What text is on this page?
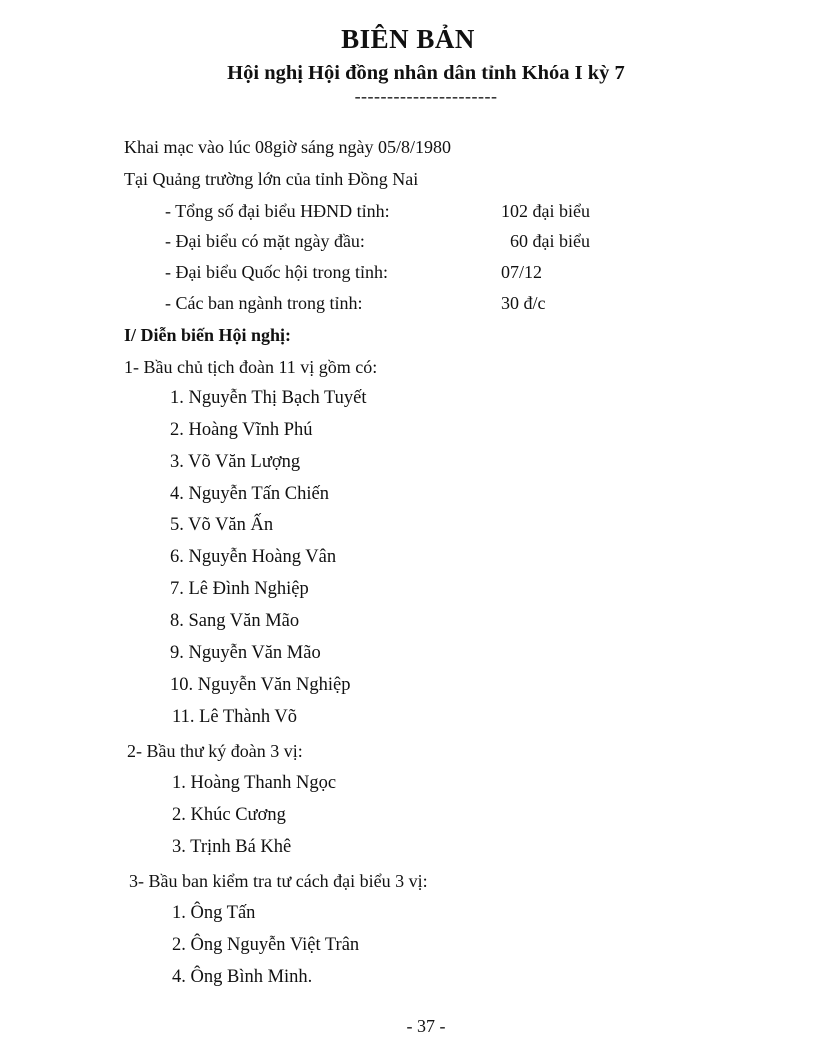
BIÊN BẢN
Hội nghị Hội đồng nhân dân tỉnh Khóa I kỳ 7

----------------------

Khai mạc vào lúc 08giờ sáng ngày 05/8/1980

Tại Quảng trường lớn của tỉnh Đồng Nai

- Tổng số đại biểu HĐND tỉnh:	102 đại biểu
- Đại biểu có mặt ngày đầu:	60 đại biểu
- Đại biểu Quốc hội trong tỉnh:	07/12
- Các ban ngành trong tỉnh:	30 đ/c

I/ Diễn biến Hội nghị:

1- Bầu chủ tịch đoàn 11 vị gồm có:

1. Nguyễn Thị Bạch Tuyết

2. Hoàng Vĩnh Phú

3. Võ Văn Lượng

4. Nguyễn Tấn Chiến

5. Võ Văn Ấn

6. Nguyễn Hoàng Vân

7. Lê Đình Nghiệp

8. Sang Văn Mão

9. Nguyễn Văn Mão

10. Nguyễn Văn Nghiệp

11. Lê Thành Võ

2- Bầu thư ký đoàn 3 vị:

1. Hoàng Thanh Ngọc

2. Khúc Cương

3. Trịnh Bá Khê

3- Bầu ban kiểm tra tư cách đại biểu 3 vị:

1. Ông Tấn

2. Ông Nguyễn Việt Trân

4. Ông Bình Minh.

- 37 -
